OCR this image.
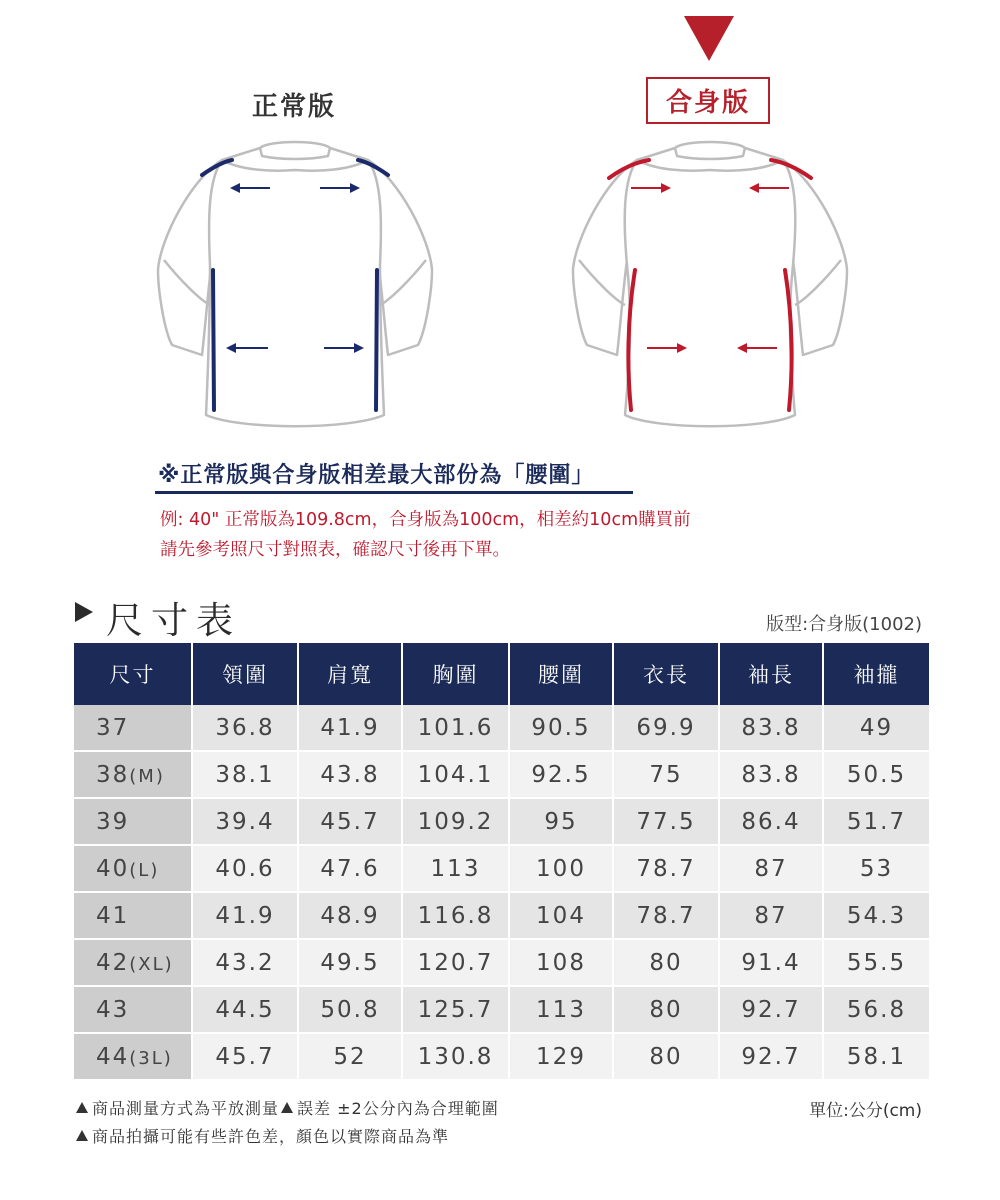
正常版	合身版
※正常版與合身版相差最大部份為「腰圍」
例: 40" 正常版為109.8cm，合身版為100cm，相差約10cm購買前
請先參考照尺寸對照表，確認尺寸後再下單。
尺寸表	版型:合身版(1002)
尺寸	領圍	肩寬	胸圍	腰圍	衣長	袖長	袖攏
37	36.8	41.9	101.6	90.5	69.9	83.8	49
38(M)	38.1	43.8	104.1	92.5	75	83.8	50.5
39	39.4	45.7	109.2	95	77.5	86.4	51.7
40(L)	40.6	47.6	113	100	78.7	87	53
41	41.9	48.9	116.8	104	78.7	87	54.3
42(XL)	43.2	49.5	120.7	108	80	91.4	55.5
43	44.5	50.8	125.7	113	80	92.7	56.8
44(3L)	45.7	52	130.8	129	80	92.7	58.1
商品測量方式為平放測量 誤差 ±2公分內為合理範圍
商品拍攝可能有些許色差，顏色以實際商品為準
單位:公分(cm)
